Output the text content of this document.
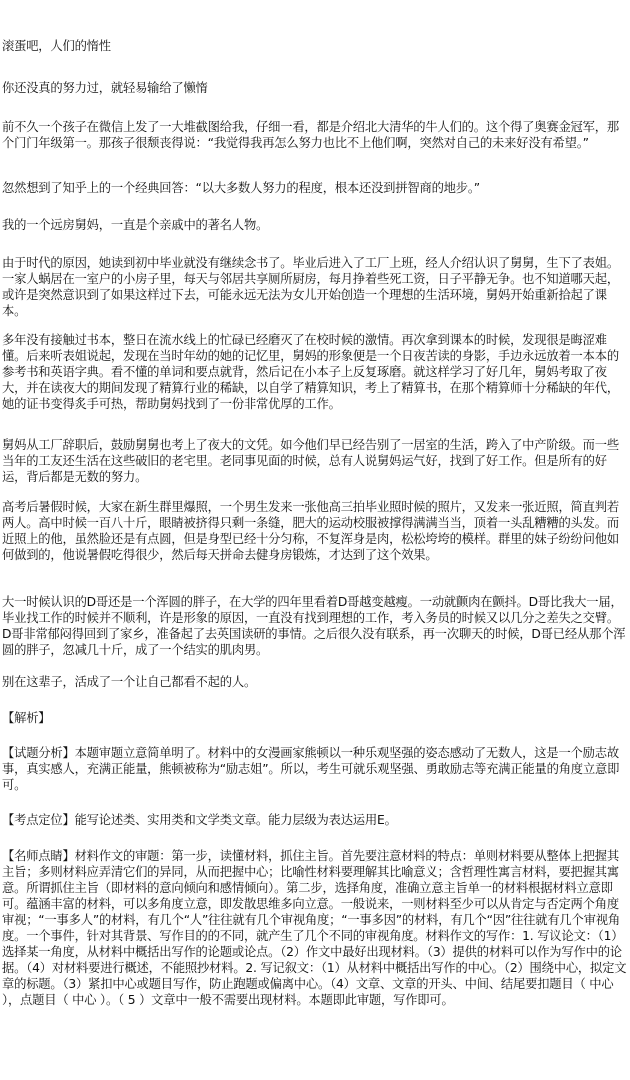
滚蛋吧，人们的惰性

你还没真的努力过，就轻易输给了懒惰

前不久一个孩子在微信上发了一大堆截图给我，仔细一看，都是介绍北大清华的牛人们的。这个得了奥赛金冠军，那个门门年级第一。那孩子很颓丧得说：“我觉得我再怎么努力也比不上他们啊，突然对自己的未来好没有希望。”

忽然想到了知乎上的一个经典回答：“以大多数人努力的程度，根本还没到拼智商的地步。”

我的一个远房舅妈，一直是个亲戚中的著名人物。

由于时代的原因，她读到初中毕业就没有继续念书了。毕业后进入了工厂上班，经人介绍认识了舅舅，生下了表姐。一家人蜗居在一室户的小房子里，每天与邻居共享厕所厨房，每月挣着些死工资，日子平静无争。也不知道哪天起，或许是突然意识到了如果这样过下去，可能永远无法为女儿开始创造一个理想的生活环境，舅妈开始重新拾起了课本。

多年没有接触过书本，整日在流水线上的忙碌已经磨灭了在校时候的激情。再次拿到课本的时候，发现很是晦涩难懂。后来听表姐说起，发现在当时年幼的她的记忆里，舅妈的形象便是一个日夜苦读的身影，手边永远放着一本本的参考书和英语字典。看不懂的单词和要点就背，然后记在小本子上反复琢磨。就这样学习了好几年，舅妈考取了夜大，并在读夜大的期间发现了精算行业的稀缺，以自学了精算知识，考上了精算书，在那个精算师十分稀缺的年代，她的证书变得炙手可热，帮助舅妈找到了一份非常优厚的工作。

舅妈从工厂辞职后，鼓励舅舅也考上了夜大的文凭。如今他们早已经告别了一居室的生活，跨入了中产阶级。而一些当年的工友还生活在这些破旧的老宅里。老同事见面的时候，总有人说舅妈运气好，找到了好工作。但是所有的好运，背后都是无数的努力。

高考后暑假时候，大家在新生群里爆照，一个男生发来一张他高三拍毕业照时候的照片，又发来一张近照，简直判若两人。高中时候一百八十斤，眼睛被挤得只剩一条缝，肥大的运动校服被撑得满满当当，顶着一头乱糟糟的头发。而近照上的他，虽然脸还是有点圆，但是身型已经十分匀称，不复浑身是肉，松松垮垮的模样。群里的妹子纷纷问他如何做到的，他说暑假吃得很少，然后每天拼命去健身房锻炼，才达到了这个效果。

大一时候认识的D哥还是一个浑圆的胖子，在大学的四年里看着D哥越变越瘦。一动就颤肉在颤抖。D哥比我大一届，毕业找工作的时候并不顺利，许是形象的原因，一直没有找到理想的工作，考入务员的时候又以几分之差失之交臂。D哥非常郁闷得回到了家乡，准备起了去英国读研的事情。之后很久没有联系，再一次聊天的时候，D哥已经从那个浑圆的胖子，忽减几十斤，成了一个结实的肌肉男。

别在这辈子，活成了一个让自己都看不起的人。

【解析】

【试题分析】本题审题立意简单明了。材料中的女漫画家熊顿以一种乐观坚强的姿态感动了无数人，这是一个励志故事，真实感人，充满正能量，熊顿被称为“励志姐”。所以，考生可就乐观坚强、勇敢励志等充满正能量的角度立意即可。

【考点定位】能写论述类、实用类和文学类文章。能力层级为表达运用E。

【名师点睛】材料作文的审题：第一步，读懂材料，抓住主旨。首先要注意材料的特点：单则材料要从整体上把握其主旨；多则材料应弄清它们的异同，从而把握中心；比喻性材料要理解其比喻意义；含哲理性寓言材料，要把握其寓意。所谓抓住主旨（即材料的意向倾向和感情倾向）。第二步，选择角度，准确立意主旨单一的材料根据材料立意即可。蕴涵丰富的材料，可以多角度立意，即发散思维多向立意。一般说来，一则材料至少可以从肯定与否定两个角度审视；“一事多人”的材料，有几个“人”往往就有几个审视角度；“一事多因”的材料，有几个“因”往往就有几个审视角度。一个事件，针对其背景、写作目的的不同，就产生了几个不同的审视角度。材料作文的写作：1. 写议论文：（1）选择某一角度，从材料中概括出写作的论题或论点。（2）作文中最好出现材料。（3）提供的材料可以作为写作中的论据。（4）对材料要进行概述，不能照抄材料。2. 写记叙文：（1）从材料中概括出写作的中心。（2）围绕中心，拟定文章的标题。（3）紧扣中心或题目写作，防止跑题或偏离中心。（4）文章、文章的开头、中间、结尾要扣题目（ 中心 ），点题目（ 中心 ）。（ 5 ）文章中一般不需要出现材料。本题即此审题，写作即可。
